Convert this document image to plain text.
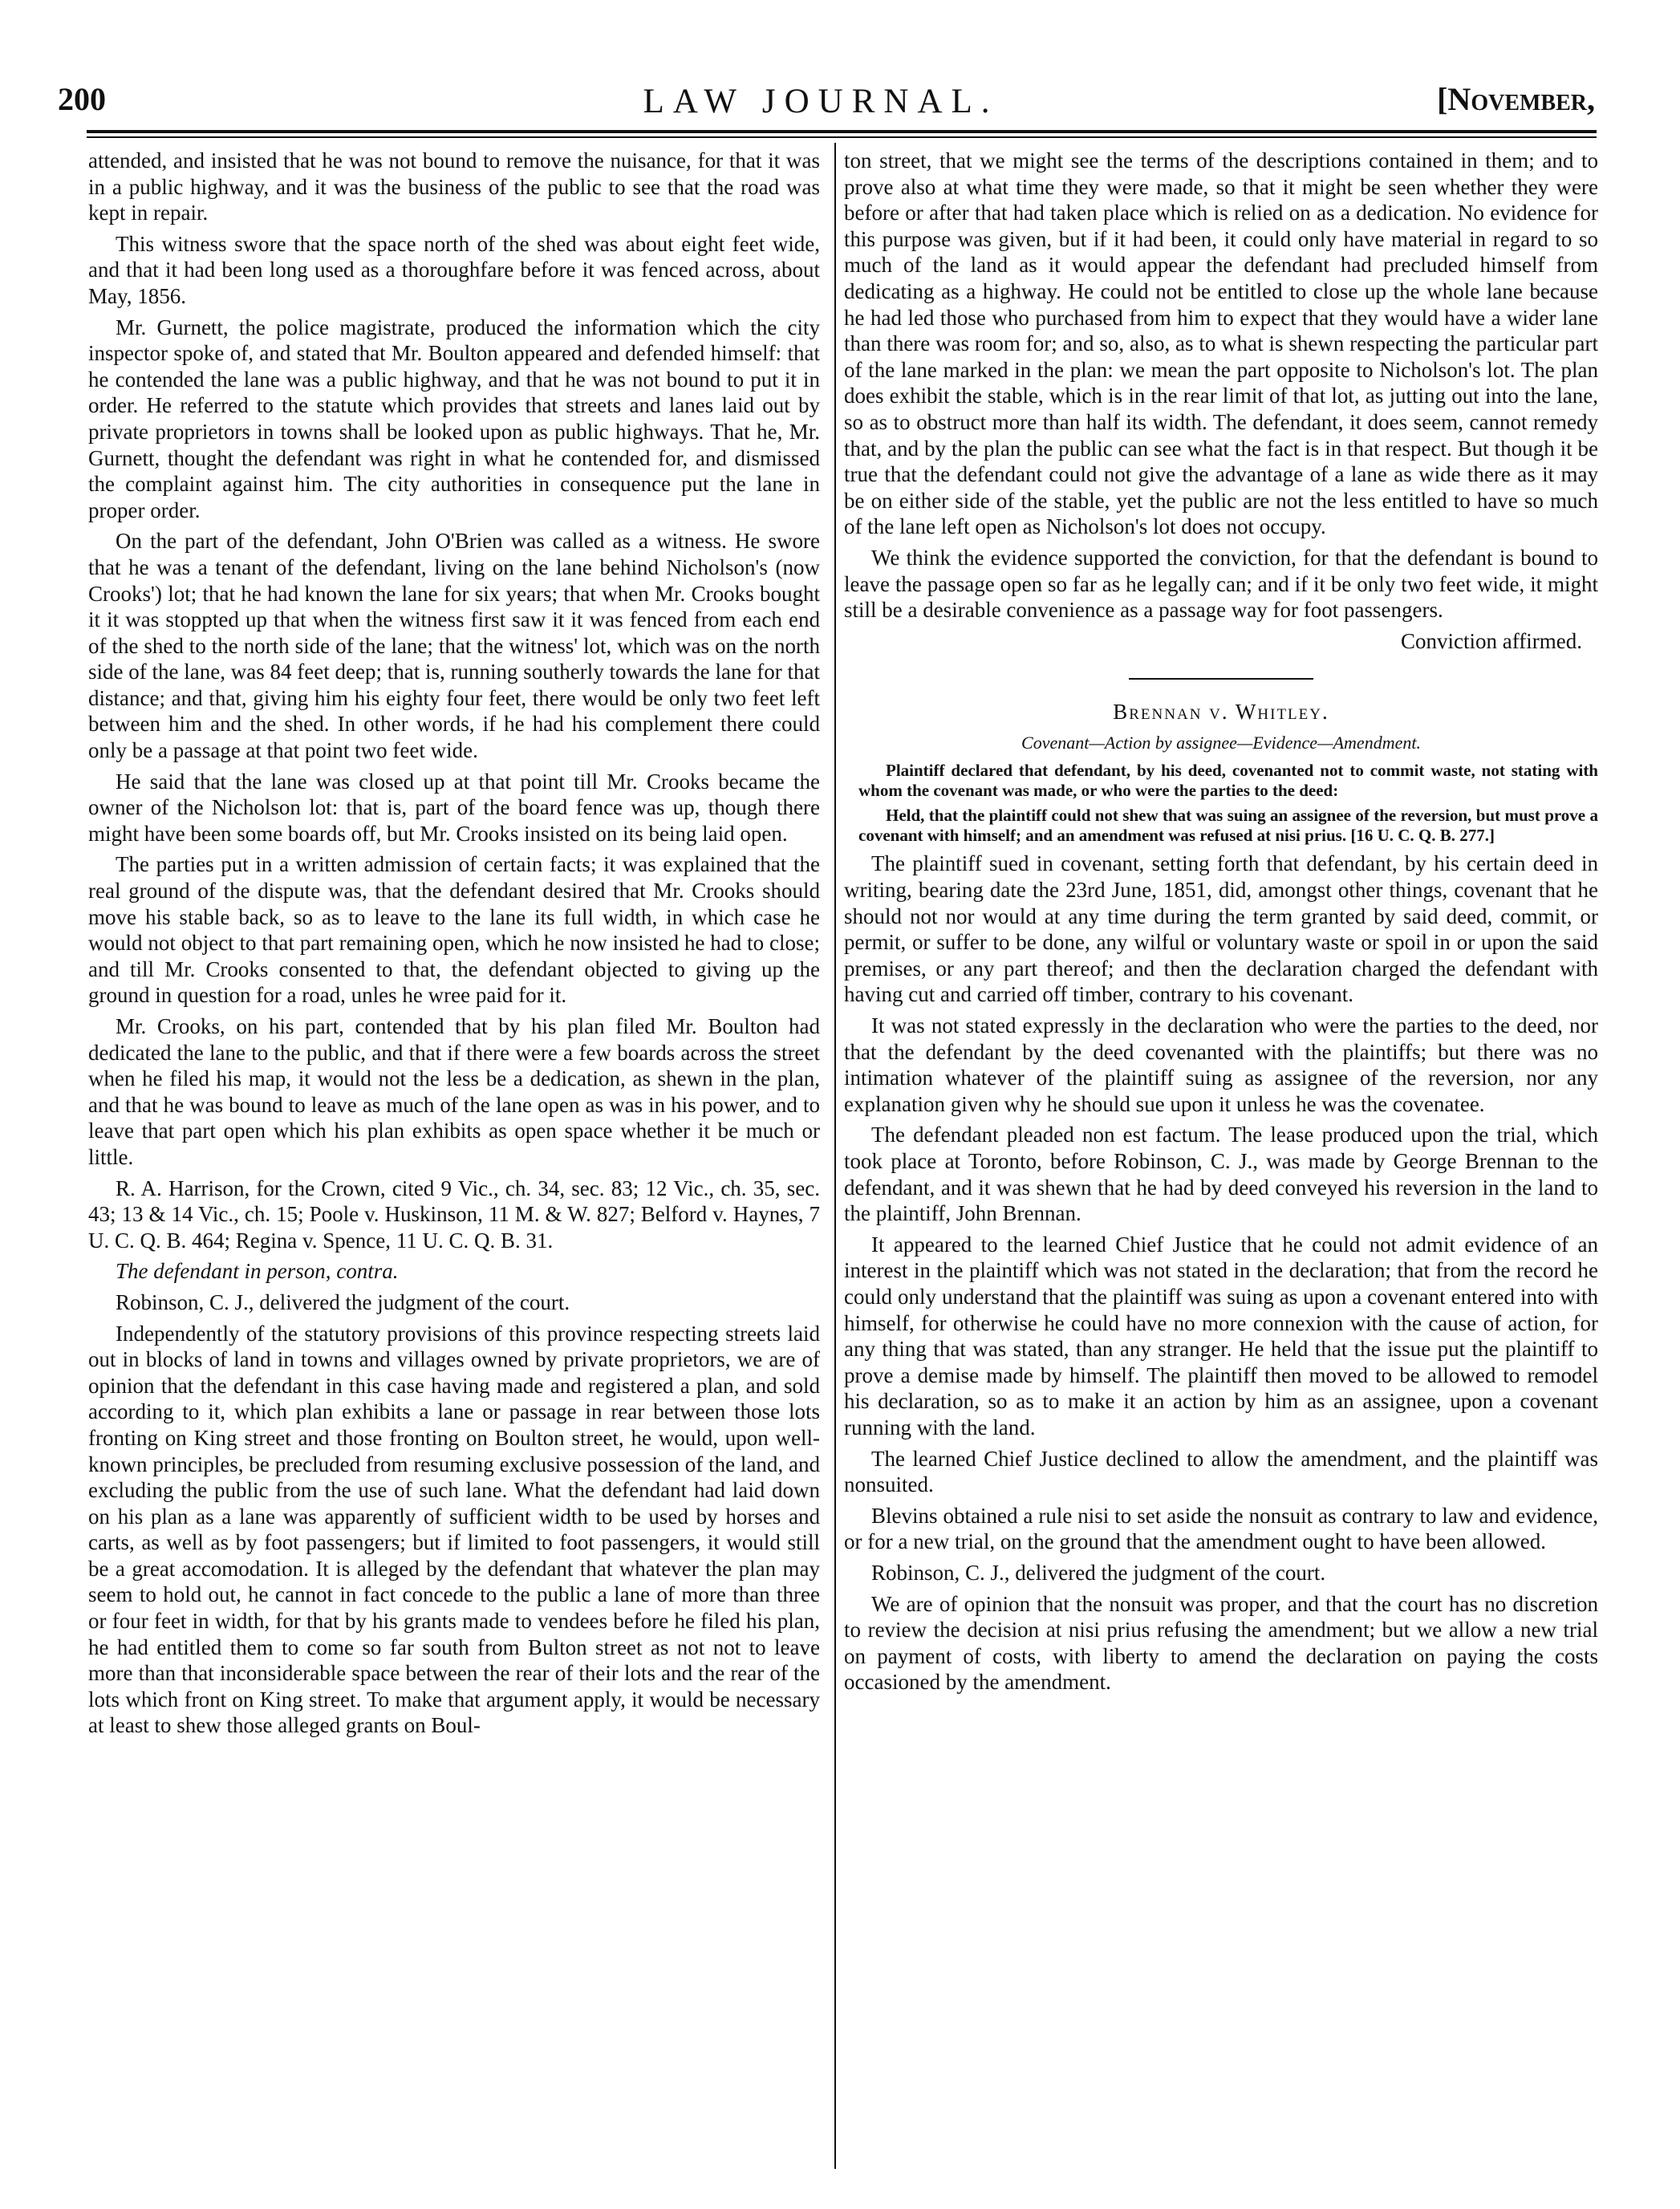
200	LAW JOURNAL.	[November,

attended, and insisted that he was not bound to remove the nuisance, for that it was in a public highway, and it was the business of the public to see that the road was kept in repair.

This witness swore that the space north of the shed was about eight feet wide, and that it had been long used as a thoroughfare before it was fenced across, about May, 1856.

Mr. Gurnett, the police magistrate, produced the information which the city inspector spoke of, and stated that Mr. Boulton appeared and defended himself: that he contended the lane was a public highway, and that he was not bound to put it in order. He referred to the statute which provides that streets and lanes laid out by private proprietors in towns shall be looked upon as public highways. That he, Mr. Gurnett, thought the defendant was right in what he contended for, and dismissed the complaint against him. The city authorities in consequence put the lane in proper order.

On the part of the defendant, John O'Brien was called as a witness. He swore that he was a tenant of the defendant, living on the lane behind Nicholson's (now Crooks') lot; that he had known the lane for six years; that when Mr. Crooks bought it it was stoppted up that when the witness first saw it it was fenced from each end of the shed to the north side of the lane; that the witness' lot, which was on the north side of the lane, was 84 feet deep; that is, running southerly towards the lane for that distance; and that, giving him his eighty four feet, there would be only two feet left between him and the shed. In other words, if he had his complement there could only be a passage at that point two feet wide.

He said that the lane was closed up at that point till Mr. Crooks became the owner of the Nicholson lot: that is, part of the board fence was up, though there might have been some boards off, but Mr. Crooks insisted on its being laid open.

The parties put in a written admission of certain facts; it was explained that the real ground of the dispute was, that the defendant desired that Mr. Crooks should move his stable back, so as to leave to the lane its full width, in which case he would not object to that part remaining open, which he now insisted he had to close; and till Mr. Crooks consented to that, the defendant objected to giving up the ground in question for a road, unles he wree paid for it.

Mr. Crooks, on his part, contended that by his plan filed Mr. Boulton had dedicated the lane to the public, and that if there were a few boards across the street when he filed his map, it would not the less be a dedication, as shewn in the plan, and that he was bound to leave as much of the lane open as was in his power, and to leave that part open which his plan exhibits as open space whether it be much or little.

R. A. Harrison, for the Crown, cited 9 Vic., ch. 34, sec. 83; 12 Vic., ch. 35, sec. 43; 13 & 14 Vic., ch. 15; Poole v. Huskinson, 11 M. & W. 827; Belford v. Haynes, 7 U. C. Q. B. 464; Regina v. Spence, 11 U. C. Q. B. 31.

The defendant in person, contra.

Robinson, C. J., delivered the judgment of the court.

Independently of the statutory provisions of this province respecting streets laid out in blocks of land in towns and villages owned by private proprietors, we are of opinion that the defendant in this case having made and registered a plan, and sold according to it, which plan exhibits a lane or passage in rear between those lots fronting on King street and those fronting on Boulton street, he would, upon well-known principles, be precluded from resuming exclusive possession of the land, and excluding the public from the use of such lane. What the defendant had laid down on his plan as a lane was apparently of sufficient width to be used by horses and carts, as well as by foot passengers; but if limited to foot passengers, it would still be a great accomodation. It is alleged by the defendant that whatever the plan may seem to hold out, he cannot in fact concede to the public a lane of more than three or four feet in width, for that by his grants made to vendees before he filed his plan, he had entitled them to come so far south from Bulton street as not not to leave more than that inconsiderable space between the rear of their lots and the rear of the lots which front on King street. To make that argument apply, it would be necessary at least to shew those alleged grants on Boul-

ton street, that we might see the terms of the descriptions contained in them; and to prove also at what time they were made, so that it might be seen whether they were before or after that had taken place which is relied on as a dedication. No evidence for this purpose was given, but if it had been, it could only have material in regard to so much of the land as it would appear the defendant had precluded himself from dedicating as a highway. He could not be entitled to close up the whole lane because he had led those who purchased from him to expect that they would have a wider lane than there was room for; and so, also, as to what is shewn respecting the particular part of the lane marked in the plan: we mean the part opposite to Nicholson's lot. The plan does exhibit the stable, which is in the rear limit of that lot, as jutting out into the lane, so as to obstruct more than half its width. The defendant, it does seem, cannot remedy that, and by the plan the public can see what the fact is in that respect. But though it be true that the defendant could not give the advantage of a lane as wide there as it may be on either side of the stable, yet the public are not the less entitled to have so much of the lane left open as Nicholson's lot does not occupy.

We think the evidence supported the conviction, for that the defendant is bound to leave the passage open so far as he legally can; and if it be only two feet wide, it might still be a desirable convenience as a passage way for foot passengers.

Conviction affirmed.

Brennan v. Whitley.

Covenant—Action by assignee—Evidence—Amendment.

Plaintiff declared that defendant, by his deed, covenanted not to commit waste, not stating with whom the covenant was made, or who were the parties to the deed:

Held, that the plaintiff could not shew that was suing an assignee of the reversion, but must prove a covenant with himself; and an amendment was refused at nisi prius. [16 U. C. Q. B. 277.]

The plaintiff sued in covenant, setting forth that defendant, by his certain deed in writing, bearing date the 23rd June, 1851, did, amongst other things, covenant that he should not nor would at any time during the term granted by said deed, commit, or permit, or suffer to be done, any wilful or voluntary waste or spoil in or upon the said premises, or any part thereof; and then the declaration charged the defendant with having cut and carried off timber, contrary to his covenant.

It was not stated expressly in the declaration who were the parties to the deed, nor that the defendant by the deed covenanted with the plaintiffs; but there was no intimation whatever of the plaintiff suing as assignee of the reversion, nor any explanation given why he should sue upon it unless he was the covenatee.

The defendant pleaded non est factum. The lease produced upon the trial, which took place at Toronto, before Robinson, C. J., was made by George Brennan to the defendant, and it was shewn that he had by deed conveyed his reversion in the land to the plaintiff, John Brennan.

It appeared to the learned Chief Justice that he could not admit evidence of an interest in the plaintiff which was not stated in the declaration; that from the record he could only understand that the plaintiff was suing as upon a covenant entered into with himself, for otherwise he could have no more connexion with the cause of action, for any thing that was stated, than any stranger. He held that the issue put the plaintiff to prove a demise made by himself. The plaintiff then moved to be allowed to remodel his declaration, so as to make it an action by him as an assignee, upon a covenant running with the land.

The learned Chief Justice declined to allow the amendment, and the plaintiff was nonsuited.

Blevins obtained a rule nisi to set aside the nonsuit as contrary to law and evidence, or for a new trial, on the ground that the amendment ought to have been allowed.

Robinson, C. J., delivered the judgment of the court.

We are of opinion that the nonsuit was proper, and that the court has no discretion to review the decision at nisi prius refusing the amendment; but we allow a new trial on payment of costs, with liberty to amend the declaration on paying the costs occasioned by the amendment.
